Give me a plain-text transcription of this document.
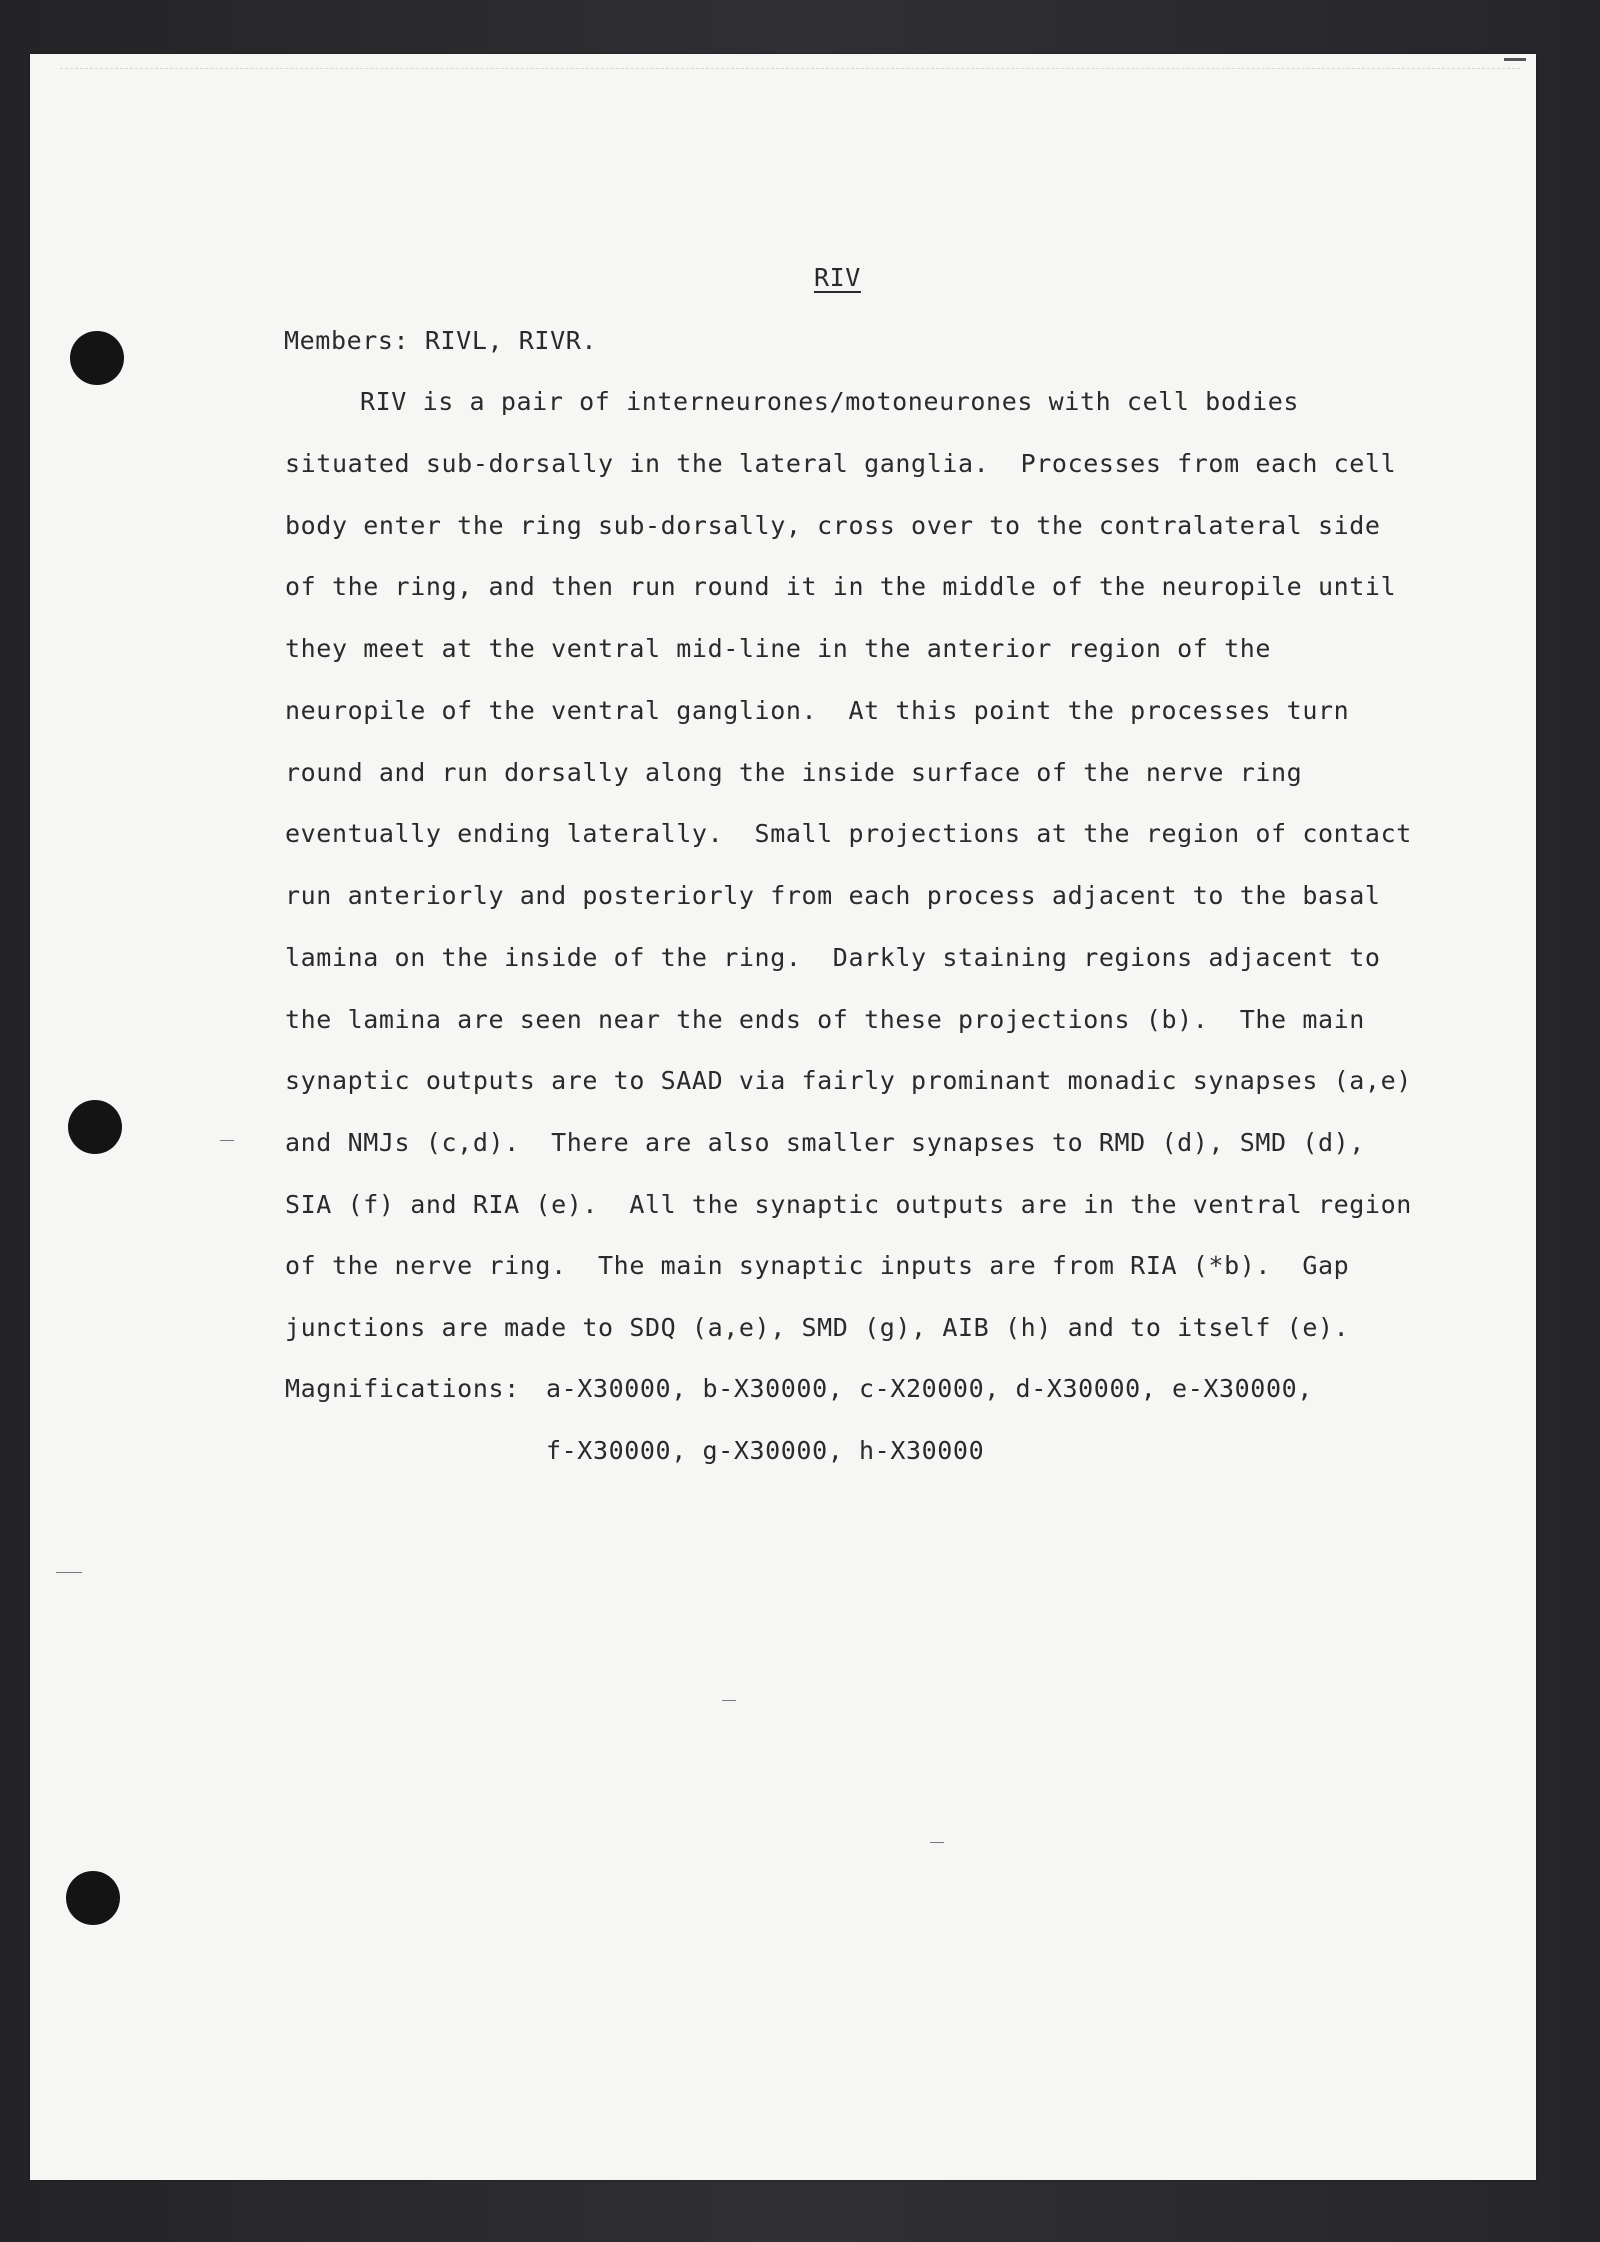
RIV
Members: RIVL, RIVR.
RIV is a pair of interneurones/motoneurones with cell bodies
situated sub-dorsally in the lateral ganglia.  Processes from each cell
body enter the ring sub-dorsally, cross over to the contralateral side
of the ring, and then run round it in the middle of the neuropile until
they meet at the ventral mid-line in the anterior region of the
neuropile of the ventral ganglion.  At this point the processes turn
round and run dorsally along the inside surface of the nerve ring
eventually ending laterally.  Small projections at the region of contact
run anteriorly and posteriorly from each process adjacent to the basal
lamina on the inside of the ring.  Darkly staining regions adjacent to
the lamina are seen near the ends of these projections (b).  The main
synaptic outputs are to SAAD via fairly prominant monadic synapses (a,e)
and NMJs (c,d).  There are also smaller synapses to RMD (d), SMD (d),
SIA (f) and RIA (e).  All the synaptic outputs are in the ventral region
of the nerve ring.  The main synaptic inputs are from RIA (*b).  Gap
junctions are made to SDQ (a,e), SMD (g), AIB (h) and to itself (e).
Magnifications: a-X30000, b-X30000, c-X20000, d-X30000, e-X30000,
f-X30000, g-X30000, h-X30000
